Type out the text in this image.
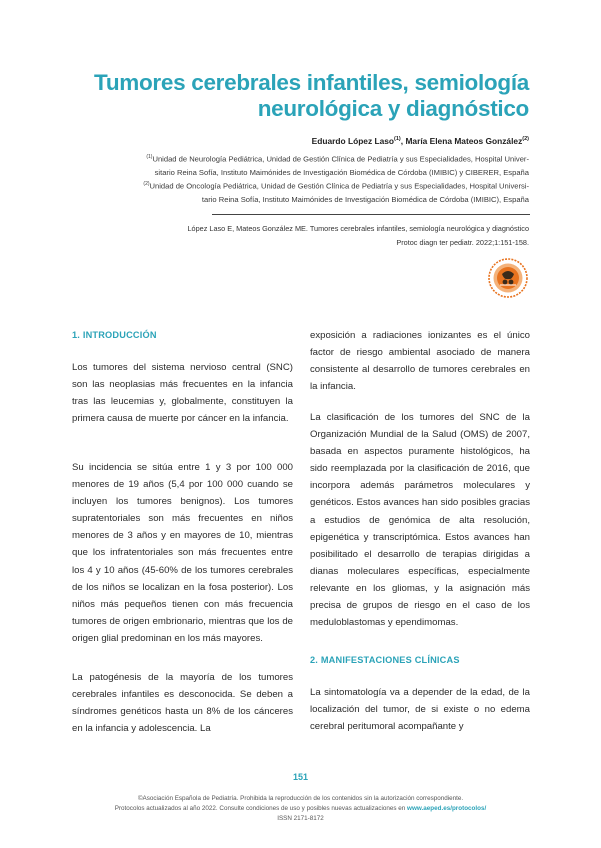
Tumores cerebrales infantiles, semiología
neurológica y diagnóstico
Eduardo López Laso$^{(1)}$, María Elena Mateos González$^{(2)}$
$^{(1)}$Unidad de Neurología Pediátrica, Unidad de Gestión Clínica de Pediatría y sus Especialidades, Hospital Univer-
sitario Reina Sofía, Instituto Maimónides de Investigación Biomédica de Córdoba (IMIBIC) y CIBERER, España
$^{(2)}$Unidad de Oncología Pediátrica, Unidad de Gestión Clínica de Pediatría y sus Especialidades, Hospital Universi-
tario Reina Sofía, Instituto Maimónides de Investigación Biomédica de Córdoba (IMIBIC), España
López Laso E, Mateos González ME. Tumores cerebrales infantiles, semiología neurológica y diagnóstico
Protoc diagn ter pediatr. 2022;1:151-158.
1. INTRODUCCIÓN

Los tumores del sistema nervioso central (SNC) son las neoplasias más frecuentes en la infancia tras las leucemias y, globalmente, constituyen la primera causa de muerte por cáncer en la infancia.

Su incidencia se sitúa entre 1 y 3 por 100 000 menores de 19 años (5,4 por 100 000 cuando se incluyen los tumores benignos). Los tumores supratentoriales son más frecuentes en niños menores de 3 años y en mayores de 10, mientras que los infratentoriales son más frecuentes entre los 4 y 10 años (45-60% de los tumores cerebrales de los niños se localizan en la fosa posterior). Los niños más pequeños tienen con más frecuencia tumores de origen embrionario, mientras que los de origen glial predominan en los más mayores.

La patogénesis de la mayoría de los tumores cerebrales infantiles es desconocida. Se deben a síndromes genéticos hasta un 8% de los cánceres en la infancia y adolescencia. La

exposición a radiaciones ionizantes es el único factor de riesgo ambiental asociado de manera consistente al desarrollo de tumores cerebrales en la infancia.

La clasificación de los tumores del SNC de la Organización Mundial de la Salud (OMS) de 2007, basada en aspectos puramente histológicos, ha sido reemplazada por la clasificación de 2016, que incorpora además parámetros moleculares y genéticos. Estos avances han sido posibles gracias a estudios de genómica de alta resolución, epigenética y transcriptómica. Estos avances han posibilitado el desarrollo de terapias dirigidas a dianas moleculares específicas, especialmente relevante en los gliomas, y la asignación más precisa de grupos de riesgo en el caso de los meduloblastomas y ependimomas.

2. MANIFESTACIONES CLÍNICAS

La sintomatología va a depender de la edad, de la localización del tumor, de si existe o no edema cerebral peritumoral acompañante y

151
©Asociación Española de Pediatría. Prohibida la reproducción de los contenidos sin la autorización correspondiente.
Protocolos actualizados al año 2022. Consulte condiciones de uso y posibles nuevas actualizaciones en www.aeped.es/protocolos/
ISSN 2171-8172
